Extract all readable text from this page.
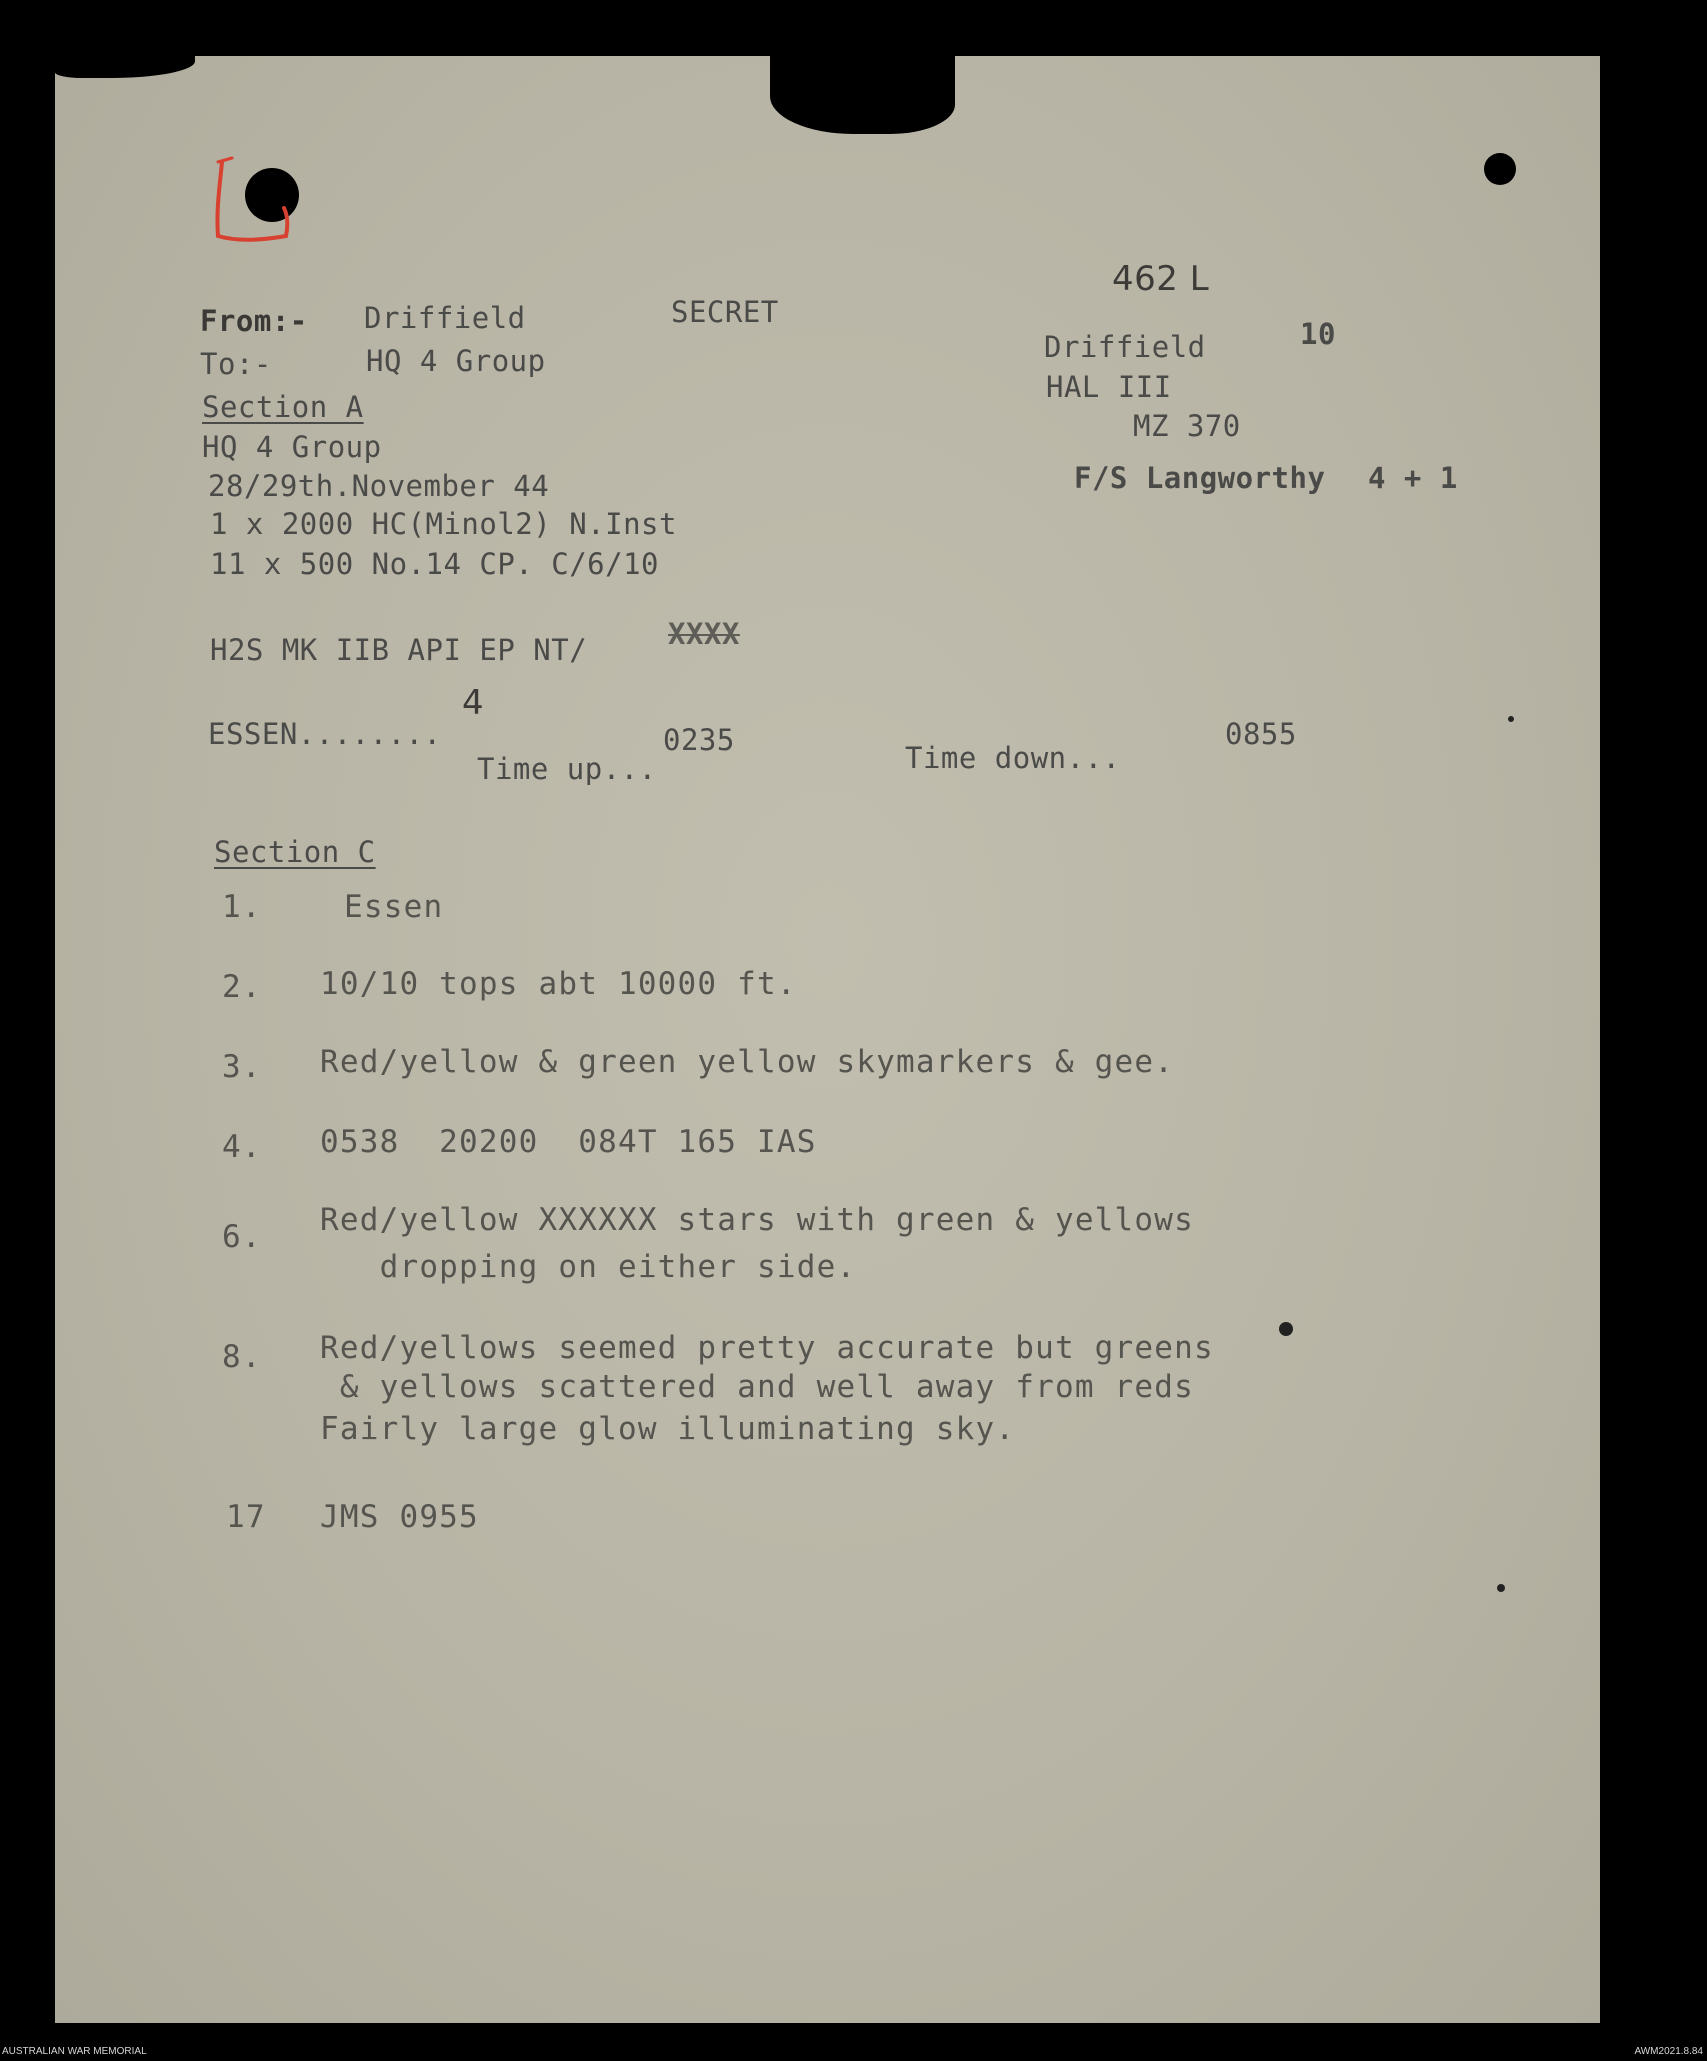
From:- Driffield	SECRET
To:-	HQ 4 Group
Section A
HQ 4 Group
28/29th.November 44
1 x 2000 HC(Minol2) N.Inst
11 x 500 No.14 CP. C/6/10
H2S MK IIB API EP NT/	XXXX
4
ESSEN........
Time up...
0235
Time down...
0855
462 L
Driffield	10
HAL III
MZ 370
F/S Langworthy 4 + 1
Section C
1.	Essen
2. 10/10 tops abt 10000 ft.
3. Red/yellow & green yellow skymarkers & gee.
4. 0538  20200  084T 165 IAS
6. Red/yellow XXXXXX stars with green & yellows
dropping on either side.
8. Red/yellows seemed pretty accurate but greens
& yellows scattered and well away from reds
Fairly large glow illuminating sky.
17 JMS 0955
AUSTRALIAN WAR MEMORIAL	AWM2021.8.84
